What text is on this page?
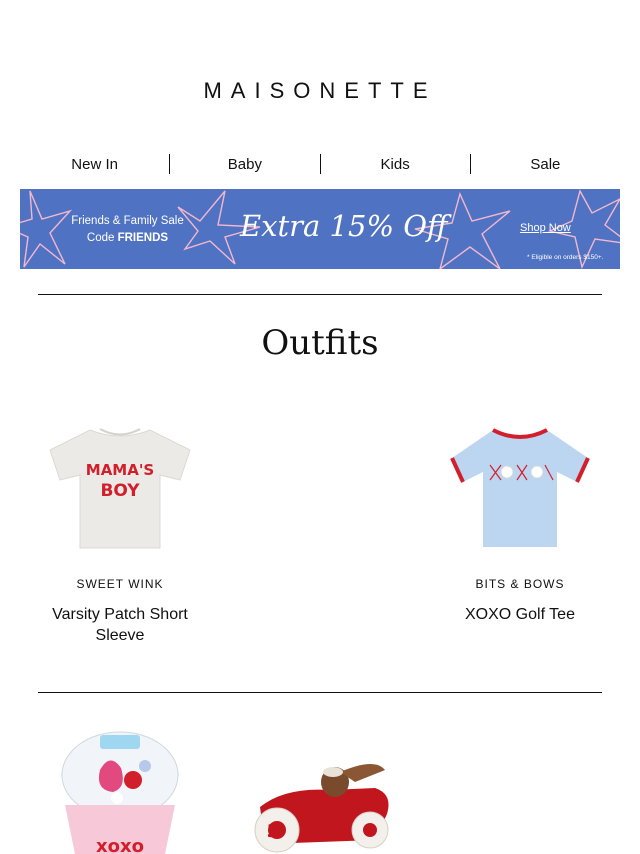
MAISONETTE
New In	Baby	Kids	Sale
Friends & Family Sale
Code FRIENDS	Extra 15% Off	Shop Now
* Eligible on orders $150+.
Outfits
MAMA'S
BOY
SWEET WINK
Varsity Patch Short Sleeve
BITS & BOWS
XOXO Golf Tee
xoxo
3
